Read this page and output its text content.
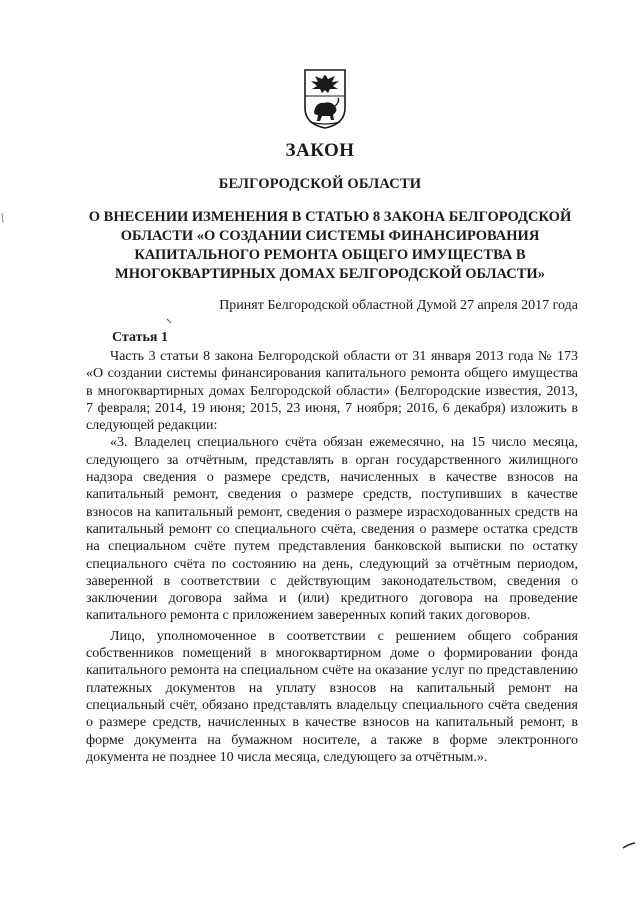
ЗАКОН
БЕЛГОРОДСКОЙ ОБЛАСТИ
О ВНЕСЕНИИ ИЗМЕНЕНИЯ В СТАТЬЮ 8 ЗАКОНА БЕЛГОРОДСКОЙ
ОБЛАСТИ «О СОЗДАНИИ СИСТЕМЫ ФИНАНСИРОВАНИЯ
КАПИТАЛЬНОГО РЕМОНТА ОБЩЕГО ИМУЩЕСТВА В
МНОГОКВАРТИРНЫХ ДОМАХ БЕЛГОРОДСКОЙ ОБЛАСТИ»
Принят Белгородской областной Думой 27 апреля 2017 года
Статья 1

Часть 3 статьи 8 закона Белгородской области от 31 января 2013 года № 173 «О создании системы финансирования капитального ремонта общего имущества в многоквартирных домах Белгородской области» (Белгородские известия, 2013, 7 февраля; 2014, 19 июня; 2015, 23 июня, 7 ноября; 2016, 6 декабря) изложить в следующей редакции:

«3. Владелец специального счёта обязан ежемесячно, на 15 число месяца, следующего за отчётным, представлять в орган государственного жилищного надзора сведения о размере средств, начисленных в качестве взносов на капитальный ремонт, сведения о размере средств, поступивших в качестве взносов на капитальный ремонт, сведения о размере израсходованных средств на капитальный ремонт со специального счёта, сведения о размере остатка средств на специальном счёте путем представления банковской выписки по остатку специального счёта по состоянию на день, следующий за отчётным периодом, заверенной в соответствии с действующим законодательством, сведения о заключении договора займа и (или) кредитного договора на проведение капитального ремонта с приложением заверенных копий таких договоров.

Лицо, уполномоченное в соответствии с решением общего собрания собственников помещений в многоквартирном доме о формировании фонда капитального ремонта на специальном счёте на оказание услуг по представлению платежных документов на уплату взносов на капитальный ремонт на специальный счёт, обязано представлять владельцу специального счёта сведения о размере средств, начисленных в качестве взносов на капитальный ремонт, в форме документа на бумажном носителе, а также в форме электронного документа не позднее 10 числа месяца, следующего за отчётным.».
